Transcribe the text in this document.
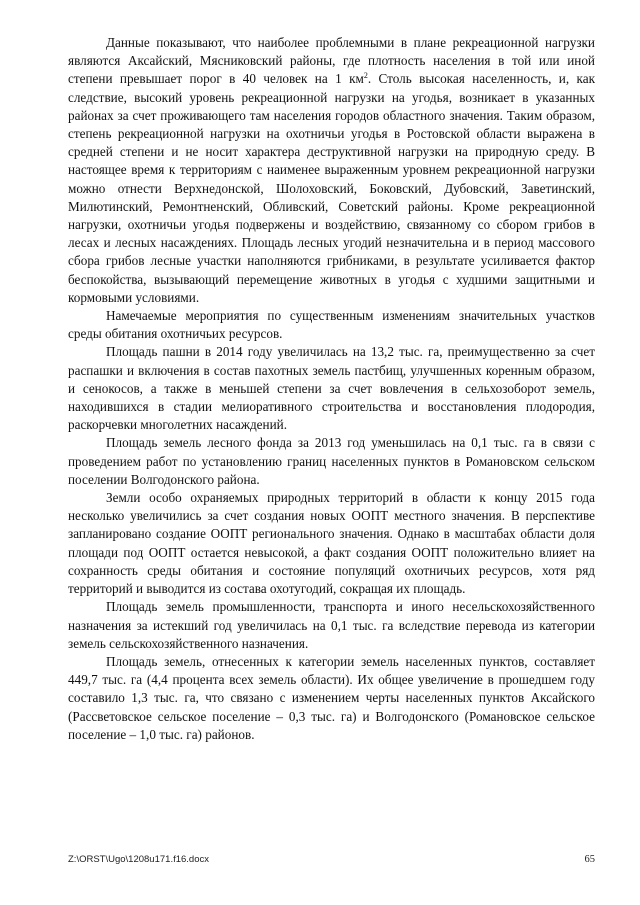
Данные показывают, что наиболее проблемными в плане рекреационной нагрузки являются Аксайский, Мясниковский районы, где плотность населения в той или иной степени превышает порог в 40 человек на 1 $км^2$. Столь высокая населенность, и, как следствие, высокий уровень рекреационной нагрузки на угодья, возникает в указанных районах за счет проживающего там населения городов областного значения. Таким образом, степень рекреационной нагрузки на охотничьи угодья в Ростовской области выражена в средней степени и не носит характера деструктивной нагрузки на природную среду. В настоящее время к территориям с наименее выраженным уровнем рекреационной нагрузки можно отнести Верхнедонской, Шолоховский, Боковский, Дубовский, Заветинский, Милютинский, Ремонтненский, Обливский, Советский районы. Кроме рекреационной нагрузки, охотничьи угодья подвержены и воздействию, связанному со сбором грибов в лесах и лесных насаждениях. Площадь лесных угодий незначительна и в период массового сбора грибов лесные участки наполняются грибниками, в результате усиливается фактор беспокойства, вызывающий перемещение животных в угодья с худшими защитными и кормовыми условиями.

Намечаемые мероприятия по существенным изменениям значительных участков среды обитания охотничьих ресурсов.

Площадь пашни в 2014 году увеличилась на 13,2 тыс. га, преимущественно за счет распашки и включения в состав пахотных земель пастбищ, улучшенных коренным образом, и сенокосов, а также в меньшей степени за счет вовлечения в сельхозоборот земель, находившихся в стадии мелиоративного строительства и восстановления плодородия, раскорчевки многолетних насаждений.

Площадь земель лесного фонда за 2013 год уменьшилась на 0,1 тыс. га в связи с проведением работ по установлению границ населенных пунктов в Романовском сельском поселении Волгодонского района.

Земли особо охраняемых природных территорий в области к концу 2015 года несколько увеличились за счет создания новых ООПТ местного значения. В перспективе запланировано создание ООПТ регионального значения. Однако в масштабах области доля площади под ООПТ остается невысокой, а факт создания ООПТ положительно влияет на сохранность среды обитания и состояние популяций охотничьих ресурсов, хотя ряд территорий и выводится из состава охотугодий, сокращая их площадь.

Площадь земель промышленности, транспорта и иного несельскохозяйственного назначения за истекший год увеличилась на 0,1 тыс. га вследствие перевода из категории земель сельскохозяйственного назначения.

Площадь земель, отнесенных к категории земель населенных пунктов, составляет 449,7 тыс. га (4,4 процента всех земель области). Их общее увеличение в прошедшем году составило 1,3 тыс. га, что связано с изменением черты населенных пунктов Аксайского (Рассветовское сельское поселение – 0,3 тыс. га) и Волгодонского (Романовское сельское поселение – 1,0 тыс. га) районов.

Z:\ORST\Ugo\1208u171.f16.docx	65
